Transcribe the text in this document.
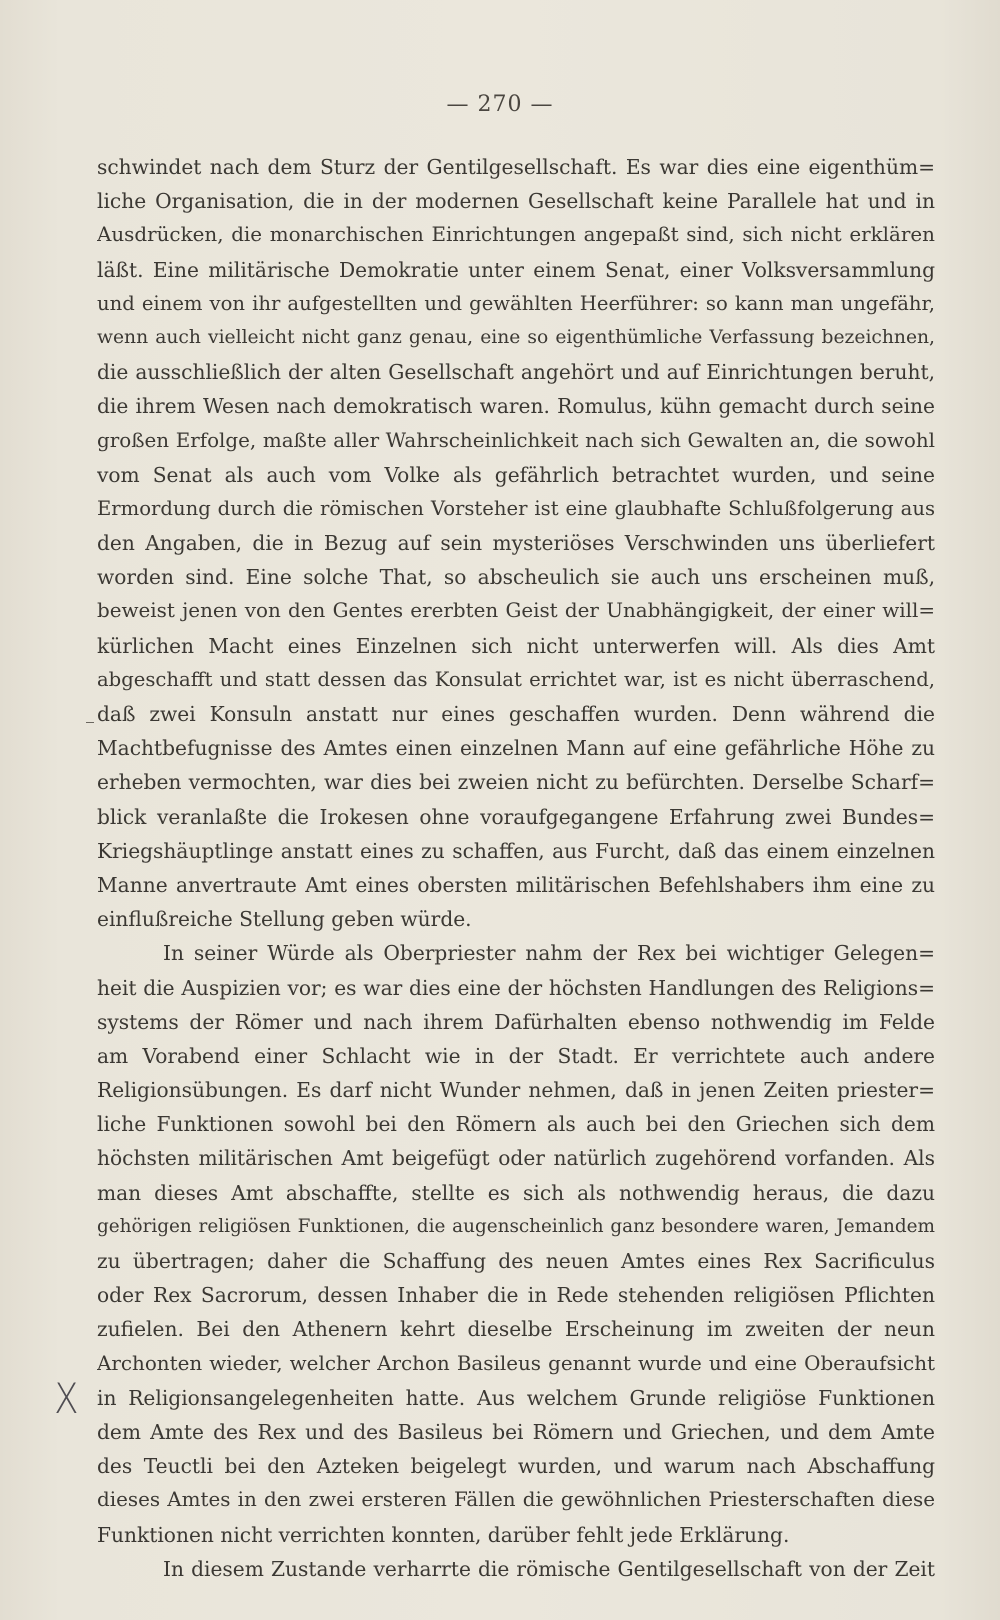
— 270 —
X
schwindet nach dem Sturz der Gentilgesellschaft. Es war dies eine eigenthüm=
liche Organisation, die in der modernen Gesellschaft keine Parallele hat und in
Ausdrücken, die monarchischen Einrichtungen angepaßt sind, sich nicht erklären
läßt. Eine militärische Demokratie unter einem Senat, einer Volksversammlung
und einem von ihr aufgestellten und gewählten Heerführer: so kann man ungefähr,
wenn auch vielleicht nicht ganz genau, eine so eigenthümliche Verfassung bezeichnen,
die ausschließlich der alten Gesellschaft angehört und auf Einrichtungen beruht,
die ihrem Wesen nach demokratisch waren. Romulus, kühn gemacht durch seine
großen Erfolge, maßte aller Wahrscheinlichkeit nach sich Gewalten an, die sowohl
vom Senat als auch vom Volke als gefährlich betrachtet wurden, und seine
Ermordung durch die römischen Vorsteher ist eine glaubhafte Schlußfolgerung aus
den Angaben, die in Bezug auf sein mysteriöses Verschwinden uns überliefert
worden sind. Eine solche That, so abscheulich sie auch uns erscheinen muß,
beweist jenen von den Gentes ererbten Geist der Unabhängigkeit, der einer will=
kürlichen Macht eines Einzelnen sich nicht unterwerfen will. Als dies Amt
abgeschafft und statt dessen das Konsulat errichtet war, ist es nicht überraschend,
daß zwei Konsuln anstatt nur eines geschaffen wurden. Denn während die
Machtbefugnisse des Amtes einen einzelnen Mann auf eine gefährliche Höhe zu
erheben vermochten, war dies bei zweien nicht zu befürchten. Derselbe Scharf=
blick veranlaßte die Irokesen ohne voraufgegangene Erfahrung zwei Bundes=
Kriegshäuptlinge anstatt eines zu schaffen, aus Furcht, daß das einem einzelnen
Manne anvertraute Amt eines obersten militärischen Befehlshabers ihm eine zu
einflußreiche Stellung geben würde.
In seiner Würde als Oberpriester nahm der Rex bei wichtiger Gelegen=
heit die Auspizien vor; es war dies eine der höchsten Handlungen des Religions=
systems der Römer und nach ihrem Dafürhalten ebenso nothwendig im Felde
am Vorabend einer Schlacht wie in der Stadt. Er verrichtete auch andere
Religionsübungen. Es darf nicht Wunder nehmen, daß in jenen Zeiten priester=
liche Funktionen sowohl bei den Römern als auch bei den Griechen sich dem
höchsten militärischen Amt beigefügt oder natürlich zugehörend vorfanden. Als
man dieses Amt abschaffte, stellte es sich als nothwendig heraus, die dazu
gehörigen religiösen Funktionen, die augenscheinlich ganz besondere waren, Jemandem
zu übertragen; daher die Schaffung des neuen Amtes eines Rex Sacrificulus
oder Rex Sacrorum, dessen Inhaber die in Rede stehenden religiösen Pflichten
zufielen. Bei den Athenern kehrt dieselbe Erscheinung im zweiten der neun
Archonten wieder, welcher Archon Basileus genannt wurde und eine Oberaufsicht
in Religionsangelegenheiten hatte. Aus welchem Grunde religiöse Funktionen
dem Amte des Rex und des Basileus bei Römern und Griechen, und dem Amte
des Teuctli bei den Azteken beigelegt wurden, und warum nach Abschaffung
dieses Amtes in den zwei ersteren Fällen die gewöhnlichen Priesterschaften diese
Funktionen nicht verrichten konnten, darüber fehlt jede Erklärung.
In diesem Zustande verharrte die römische Gentilgesellschaft von der Zeit
